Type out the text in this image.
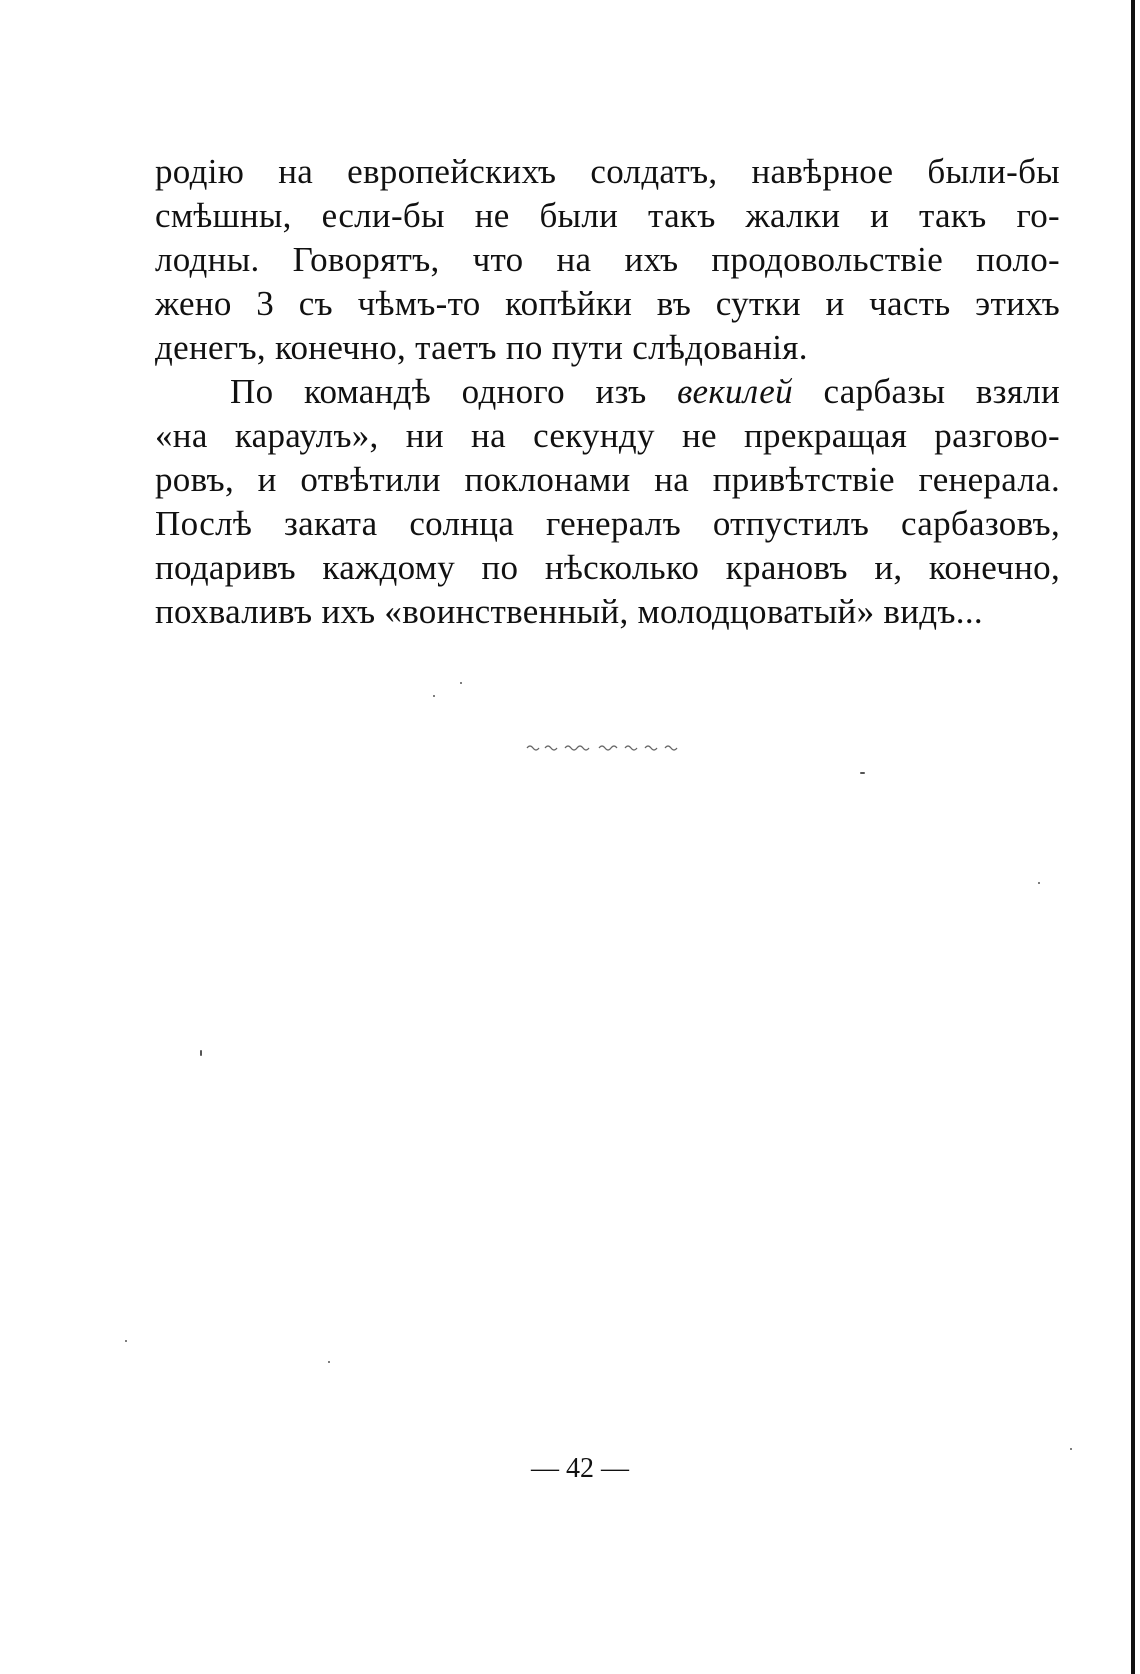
родію на европейскихъ солдатъ, навѣрное были-бы
смѣшны, если-бы не были такъ жалки и такъ го-
лодны. Говорятъ, что на ихъ продовольствіе поло-
жено 3 съ чѣмъ-то копѣйки въ сутки и часть этихъ
денегъ, конечно, таетъ по пути слѣдованія.
По командѣ одного изъ векилей сарбазы взяли
«на караулъ», ни на секунду не прекращая разгово-
ровъ, и отвѣтили поклонами на привѣтствіе генерала.
Послѣ заката солнца генералъ отпустилъ сарбазовъ,
подаривъ каждому по нѣсколько крановъ и, конечно,
похваливъ ихъ «воинственный, молодцоватый» видъ...
— 42 —
